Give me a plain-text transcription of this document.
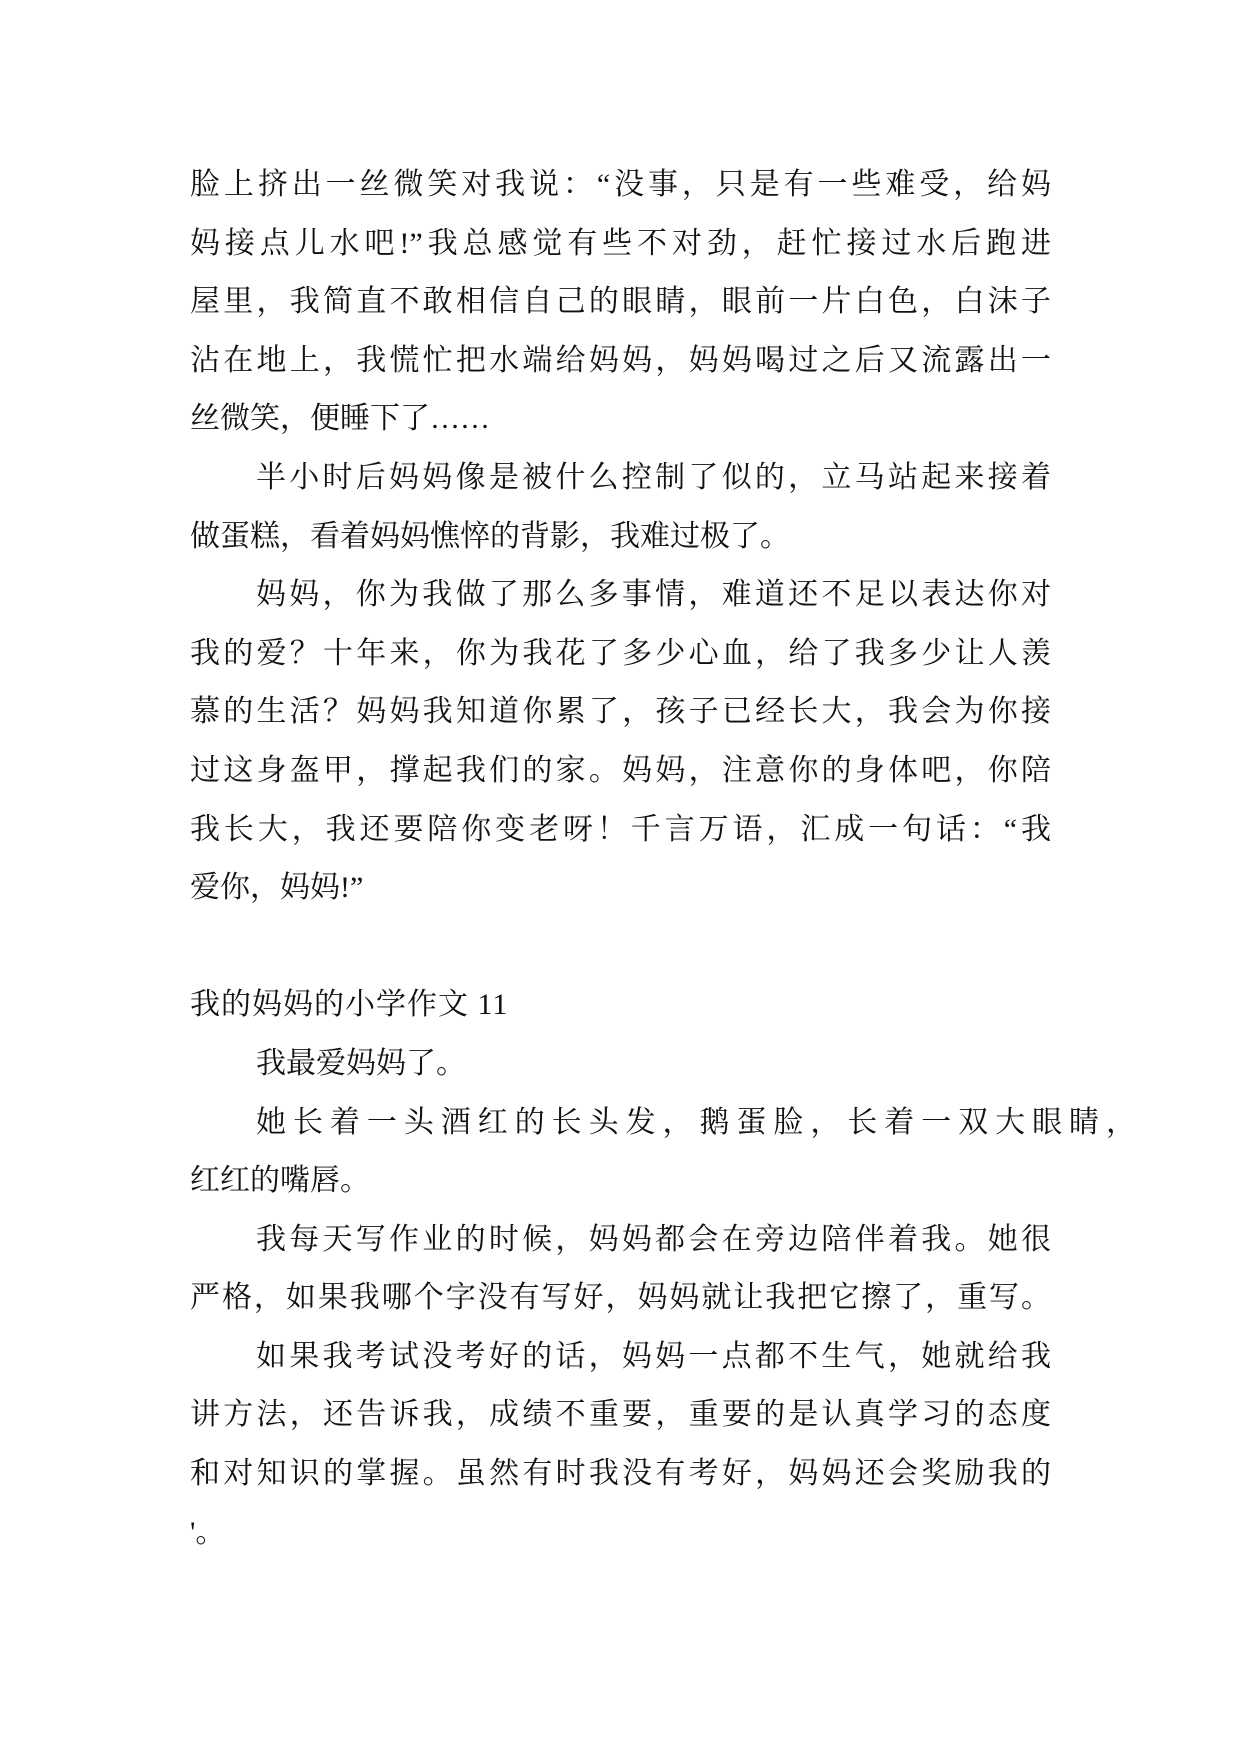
脸上挤出一丝微笑对我说：“没事，只是有一些难受，给妈
妈接点儿水吧!”我总感觉有些不对劲，赶忙接过水后跑进
屋里，我简直不敢相信自己的眼睛，眼前一片白色，白沫子
沾在地上，我慌忙把水端给妈妈，妈妈喝过之后又流露出一
丝微笑，便睡下了……
半小时后妈妈像是被什么控制了似的，立马站起来接着
做蛋糕，看着妈妈憔悴的背影，我难过极了。
妈妈，你为我做了那么多事情，难道还不足以表达你对
我的爱？十年来，你为我花了多少心血，给了我多少让人羡
慕的生活？妈妈我知道你累了，孩子已经长大，我会为你接
过这身盔甲，撑起我们的家。妈妈，注意你的身体吧，你陪
我长大，我还要陪你变老呀！千言万语，汇成一句话：“我
爱你，妈妈!”
我的妈妈的小学作文 11
我最爱妈妈了。
她长着一头酒红的长头发，鹅蛋脸，长着一双大眼睛，
红红的嘴唇。
我每天写作业的时候，妈妈都会在旁边陪伴着我。她很
严格，如果我哪个字没有写好，妈妈就让我把它擦了，重写。
如果我考试没考好的话，妈妈一点都不生气，她就给我
讲方法，还告诉我，成绩不重要，重要的是认真学习的态度
和对知识的掌握。虽然有时我没有考好，妈妈还会奖励我的
'。
